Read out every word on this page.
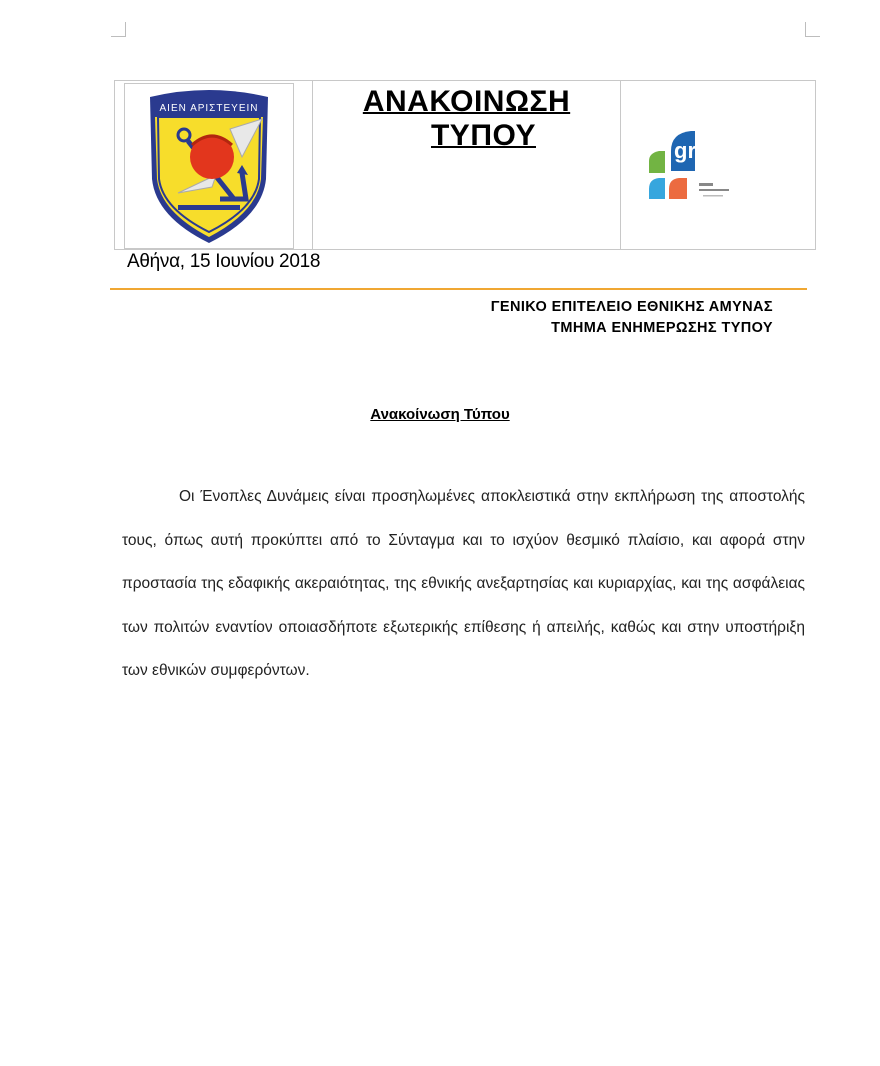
ΑΙΕΝ ΑΡΙΣΤΕΥΕΙΝ	ΑΝΑΚΟΙΝΩΣΗ
ΤΥΠΟΥ	gr
Αθήνα, 15 Ιουνίου 2018
ΓΕΝΙΚΟ ΕΠΙΤΕΛΕΙΟ ΕΘΝΙΚΗΣ ΑΜΥΝΑΣ
ΤΜΗΜΑ ΕΝΗΜΕΡΩΣΗΣ ΤΥΠΟΥ
Ανακοίνωση Τύπου

Οι Ένοπλες Δυνάμεις είναι προσηλωμένες αποκλειστικά στην εκπλήρωση της αποστολής τους, όπως αυτή προκύπτει από το Σύνταγμα και το ισχύον θεσμικό πλαίσιο, και αφορά στην προστασία της εδαφικής ακεραιότητας, της εθνικής ανεξαρτησίας και κυριαρχίας, και της ασφάλειας των πολιτών εναντίον οποιασδήποτε εξωτερικής επίθεσης ή απειλής, καθώς και στην υποστήριξη των εθνικών συμφερόντων.
